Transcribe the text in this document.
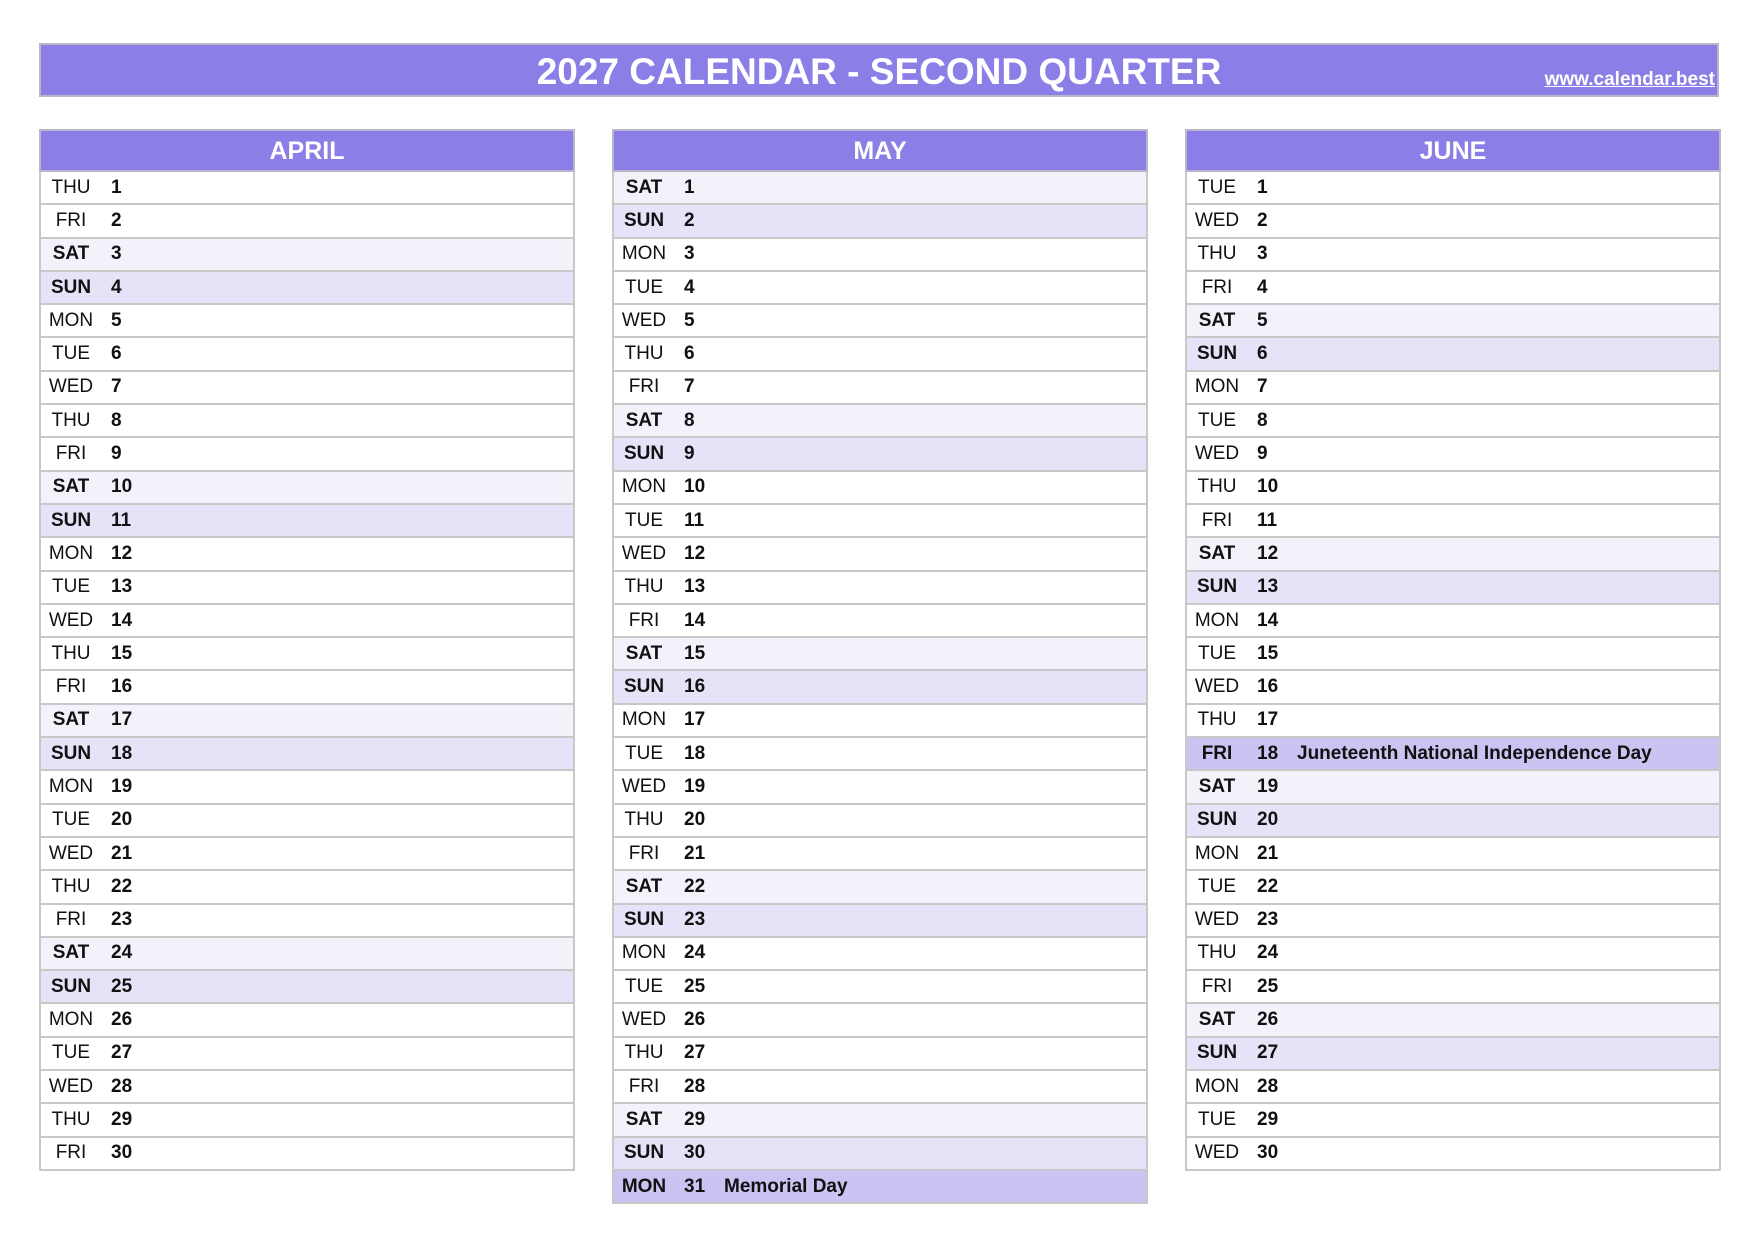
2027 CALENDAR - SECOND QUARTER	www.calendar.best
APRIL
THU	1
FRI	2
SAT	3
SUN	4
MON 5
TUE	6
WED 7
THU	8
FRI	9
SAT	10
SUN	11
MON 12
TUE	13
WED 14
THU	15
FRI	16
SAT	17
SUN	18
MON 19
TUE	20
WED 21
THU	22
FRI	23
SAT	24
SUN	25
MON 26
TUE	27
WED 28
THU	29
FRI	30
MAY
SAT	1
SUN	2
MON 3
TUE	4
WED 5
THU	6
FRI	7
SAT	8
SUN	9
MON 10
TUE	11
WED 12
THU	13
FRI	14
SAT	15
SUN	16
MON 17
TUE	18
WED 19
THU	20
FRI	21
SAT	22
SUN	23
MON 24
TUE	25
WED 26
THU	27
FRI	28
SAT	29
SUN	30
MON 31 Memorial Day
JUNE
TUE	1
WED 2
THU	3
FRI	4
SAT	5
SUN	6
MON 7
TUE	8
WED 9
THU	10
FRI	11
SAT	12
SUN	13
MON 14
TUE	15
WED 16
THU	17
FRI	18 Juneteenth National Independence Day
SAT	19
SUN	20
MON 21
TUE	22
WED 23
THU	24
FRI	25
SAT	26
SUN	27
MON 28
TUE	29
WED 30
